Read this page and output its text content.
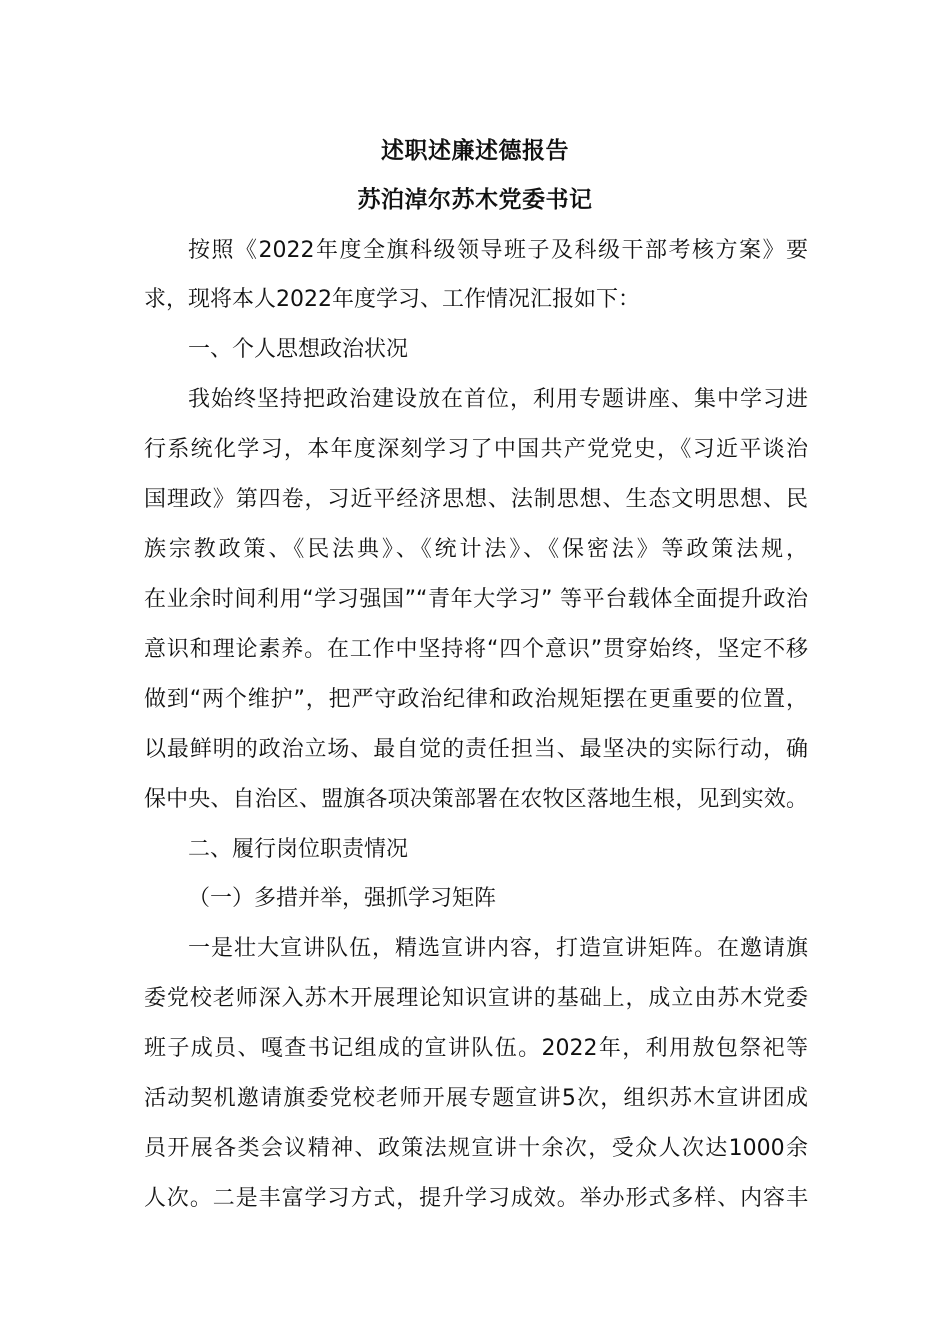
述职述廉述德报告
苏泊淖尔苏木党委书记
按照《2022年度全旗科级领导班子及科级干部考核方案》要
求，现将本人2022年度学习、工作情况汇报如下：
一、个人思想政治状况
我始终坚持把政治建设放在首位，利用专题讲座、集中学习进
行系统化学习，本年度深刻学习了中国共产党党史，《习近平谈治
国理政》第四卷，习近平经济思想、法制思想、生态文明思想、民
族宗教政策、《民法典》、《统计法》、《保密法》等政策法规，
在业余时间利用“学习强国”“青年大学习” 等平台载体全面提升政治
意识和理论素养。在工作中坚持将“四个意识”贯穿始终，坚定不移
做到“两个维护”，把严守政治纪律和政治规矩摆在更重要的位置，
以最鲜明的政治立场、最自觉的责任担当、最坚决的实际行动，确
保中央、自治区、盟旗各项决策部署在农牧区落地生根，见到实效。
二、履行岗位职责情况
（一）多措并举，强抓学习矩阵
一是壮大宣讲队伍，精选宣讲内容，打造宣讲矩阵。在邀请旗
委党校老师深入苏木开展理论知识宣讲的基础上，成立由苏木党委
班子成员、嘎查书记组成的宣讲队伍。2022年，利用敖包祭祀等
活动契机邀请旗委党校老师开展专题宣讲5次，组织苏木宣讲团成
员开展各类会议精神、政策法规宣讲十余次，受众人次达1000余
人次。二是丰富学习方式，提升学习成效。举办形式多样、内容丰
